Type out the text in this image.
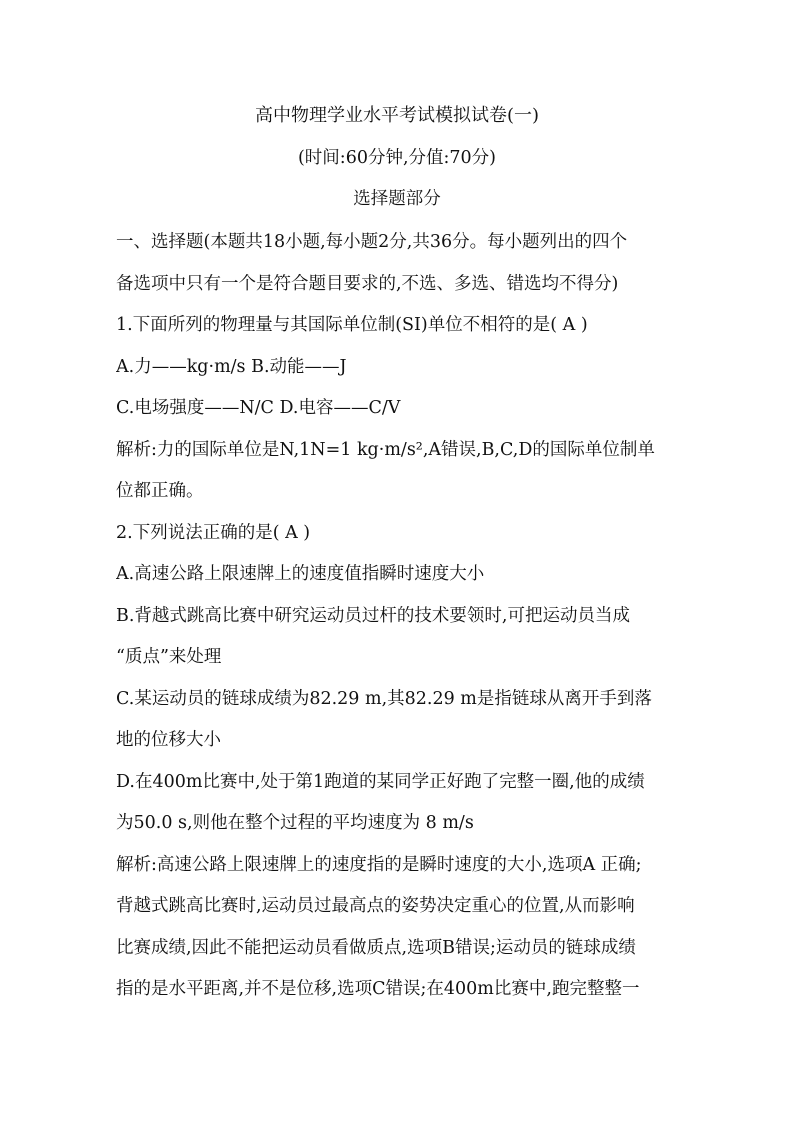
高中物理学业水平考试模拟试卷(一)
(时间:60分钟,分值:70分)
选择题部分
一、选择题(本题共18小题,每小题2分,共36分。每小题列出的四个
备选项中只有一个是符合题目要求的,不选、多选、错选均不得分)
1.下面所列的物理量与其国际单位制(SI)单位不相符的是( A )
A.力——kg·m/s B.动能——J
C.电场强度——N/C D.电容——C/V
解析:力的国际单位是N,1N=1 kg·m/s²,A错误,B,C,D的国际单位制单
位都正确。
2.下列说法正确的是( A )
A.高速公路上限速牌上的速度值指瞬时速度大小
B.背越式跳高比赛中研究运动员过杆的技术要领时,可把运动员当成
“质点”来处理
C.某运动员的链球成绩为82.29 m,其82.29 m是指链球从离开手到落
地的位移大小
D.在400m比赛中,处于第1跑道的某同学正好跑了完整一圈,他的成绩
为50.0 s,则他在整个过程的平均速度为 8 m/s
解析:高速公路上限速牌上的速度指的是瞬时速度的大小,选项A 正确;
背越式跳高比赛时,运动员过最高点的姿势决定重心的位置,从而影响
比赛成绩,因此不能把运动员看做质点,选项B错误;运动员的链球成绩
指的是水平距离,并不是位移,选项C错误;在400m比赛中,跑完整整一
